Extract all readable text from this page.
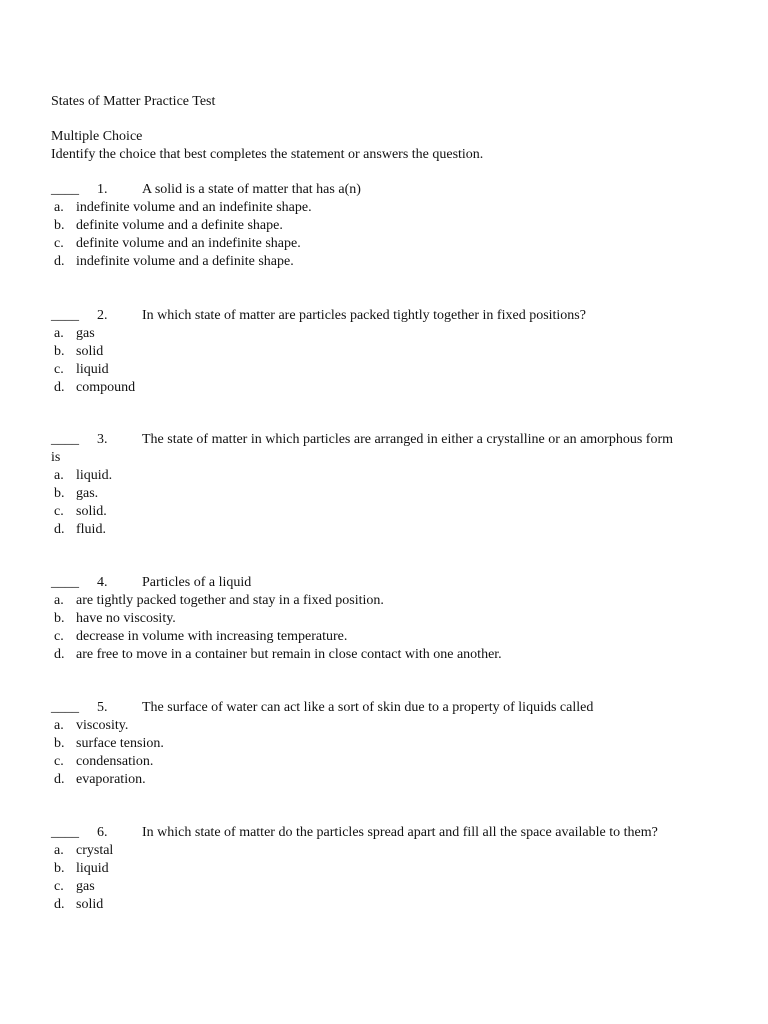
States of Matter Practice Test
Multiple Choice
Identify the choice that best completes the statement or answers the question.
____ 1. A solid is a state of matter that has a(n)
a. indefinite volume and an indefinite shape.
b. definite volume and a definite shape.
c. definite volume and an indefinite shape.
d. indefinite volume and a definite shape.
____ 2. In which state of matter are particles packed tightly together in fixed positions?
a. gas
b. solid
c. liquid
d. compound
____ 3. The state of matter in which particles are arranged in either a crystalline or an amorphous form
is
a. liquid.
b. gas.
c. solid.
d. fluid.
____ 4. Particles of a liquid
a. are tightly packed together and stay in a fixed position.
b. have no viscosity.
c. decrease in volume with increasing temperature.
d. are free to move in a container but remain in close contact with one another.
____ 5. The surface of water can act like a sort of skin due to a property of liquids called
a. viscosity.
b. surface tension.
c. condensation.
d. evaporation.
____ 6. In which state of matter do the particles spread apart and fill all the space available to them?
a. crystal
b. liquid
c. gas
d. solid
